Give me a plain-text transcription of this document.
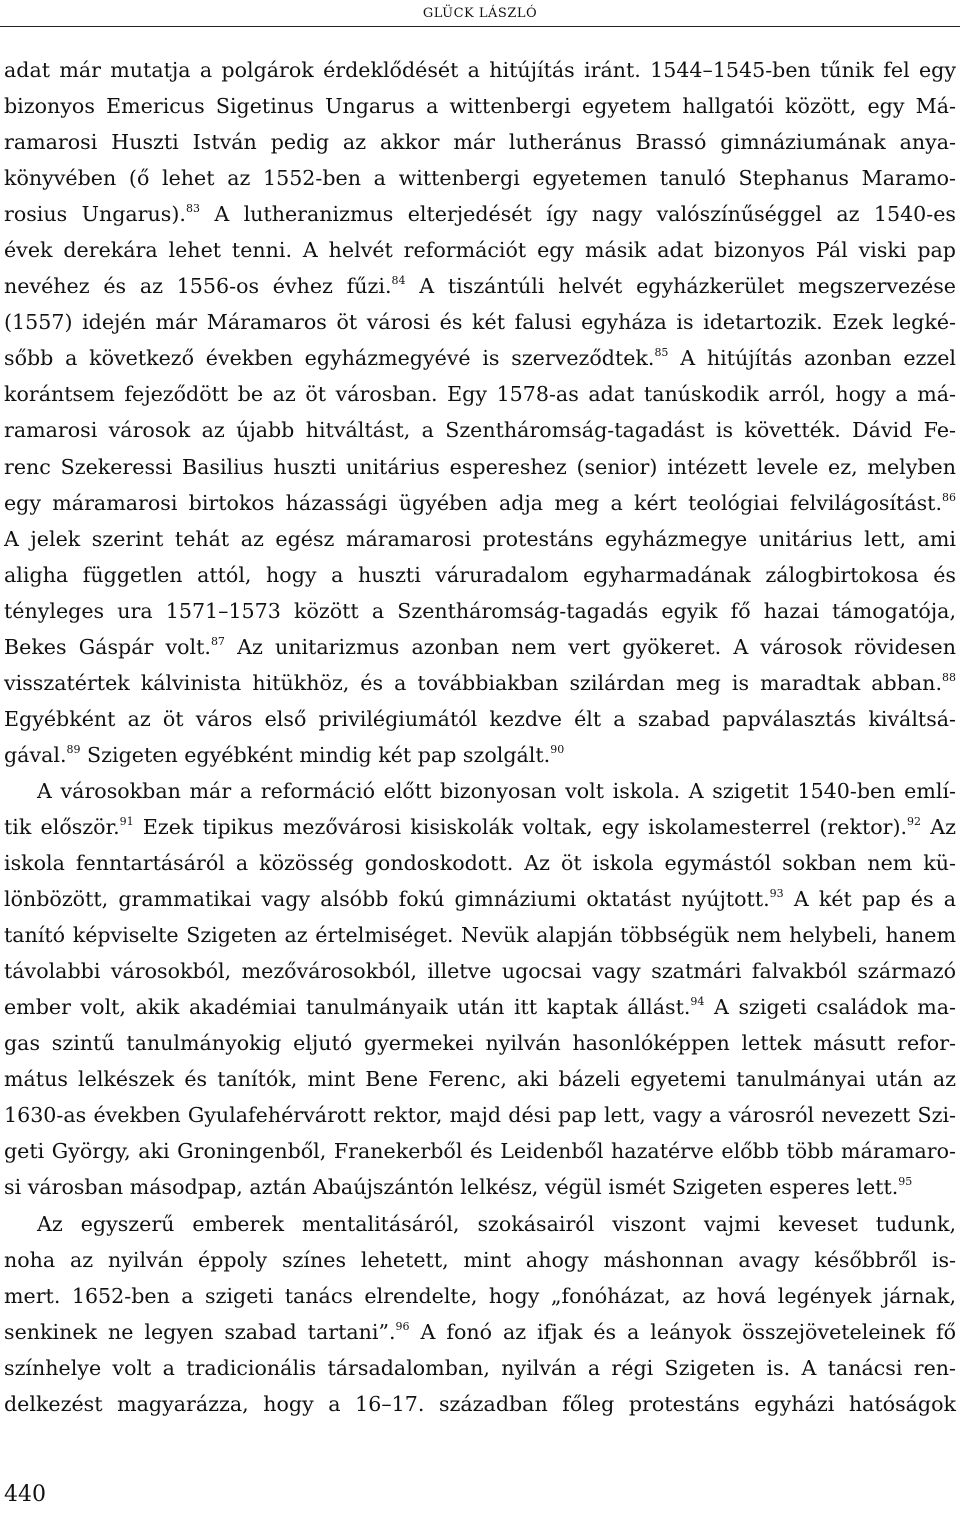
GLÜCK LÁSZLÓ
adat már mutatja a polgárok érdeklődését a hitújítás iránt. 1544–1545-ben tűnik fel egy
bizonyos Emericus Sigetinus Ungarus a wittenbergi egyetem hallgatói között, egy Má-
ramarosi Huszti István pedig az akkor már lutheránus Brassó gimnáziumának anya-
könyvében (ő lehet az 1552-ben a wittenbergi egyetemen tanuló Stephanus Maramo-
rosius Ungarus).$^{83}$ A lutheranizmus elterjedését így nagy valószínűséggel az 1540-es
évek derekára lehet tenni. A helvét reformációt egy másik adat bizonyos Pál viski pap
nevéhez és az 1556-os évhez fűzi.$^{84}$ A tiszántúli helvét egyházkerület megszervezése
(1557) idején már Máramaros öt városi és két falusi egyháza is idetartozik. Ezek legké-
sőbb a következő években egyházmegyévé is szerveződtek.$^{85}$ A hitújítás azonban ezzel
korántsem fejeződött be az öt városban. Egy 1578-as adat tanúskodik arról, hogy a má-
ramarosi városok az újabb hitváltást, a Szentháromság-tagadást is követték. Dávid Fe-
renc Szekeressi Basilius huszti unitárius espereshez (senior) intézett levele ez, melyben
egy máramarosi birtokos házassági ügyében adja meg a kért teológiai felvilágosítást.$^{86}$
A jelek szerint tehát az egész máramarosi protestáns egyházmegye unitárius lett, ami
aligha független attól, hogy a huszti váruradalom egyharmadának zálogbirtokosa és
tényleges ura 1571–1573 között a Szentháromság-tagadás egyik fő hazai támogatója,
Bekes Gáspár volt.$^{87}$ Az unitarizmus azonban nem vert gyökeret. A városok rövidesen
visszatértek kálvinista hitükhöz, és a továbbiakban szilárdan meg is maradtak abban.$^{88}$
Egyébként az öt város első privilégiumától kezdve élt a szabad papválasztás kiváltsá-
gával.$^{89}$ Szigeten egyébként mindig két pap szolgált.$^{90}$
A városokban már a reformáció előtt bizonyosan volt iskola. A szigetit 1540-ben emlí-
tik először.$^{91}$ Ezek tipikus mezővárosi kisiskolák voltak, egy iskolamesterrel (rektor).$^{92}$ Az
iskola fenntartásáról a közösség gondoskodott. Az öt iskola egymástól sokban nem kü-
lönbözött, grammatikai vagy alsóbb fokú gimnáziumi oktatást nyújtott.$^{93}$ A két pap és a
tanító képviselte Szigeten az értelmiséget. Nevük alapján többségük nem helybeli, hanem
távolabbi városokból, mezővárosokból, illetve ugocsai vagy szatmári falvakból származó
ember volt, akik akadémiai tanulmányaik után itt kaptak állást.$^{94}$ A szigeti családok ma-
gas szintű tanulmányokig eljutó gyermekei nyilván hasonlóképpen lettek másutt refor-
mátus lelkészek és tanítók, mint Bene Ferenc, aki bázeli egyetemi tanulmányai után az
1630-as években Gyulafehérvárott rektor, majd dési pap lett, vagy a városról nevezett Szi-
geti György, aki Groningenből, Franekerből és Leidenből hazatérve előbb több máramaro-
si városban másodpap, aztán Abaújszántón lelkész, végül ismét Szigeten esperes lett.$^{95}$
Az egyszerű emberek mentalitásáról, szokásairól viszont vajmi keveset tudunk,
noha az nyilván éppoly színes lehetett, mint ahogy máshonnan avagy későbbről is-
mert. 1652-ben a szigeti tanács elrendelte, hogy „fonóházat, az hová legények járnak,
senkinek ne legyen szabad tartani”.$^{96}$ A fonó az ifjak és a leányok összejöveteleinek fő
színhelye volt a tradicionális társadalomban, nyilván a régi Szigeten is. A tanácsi ren-
delkezést magyarázza, hogy a 16–17. században főleg protestáns egyházi hatóságok
440
